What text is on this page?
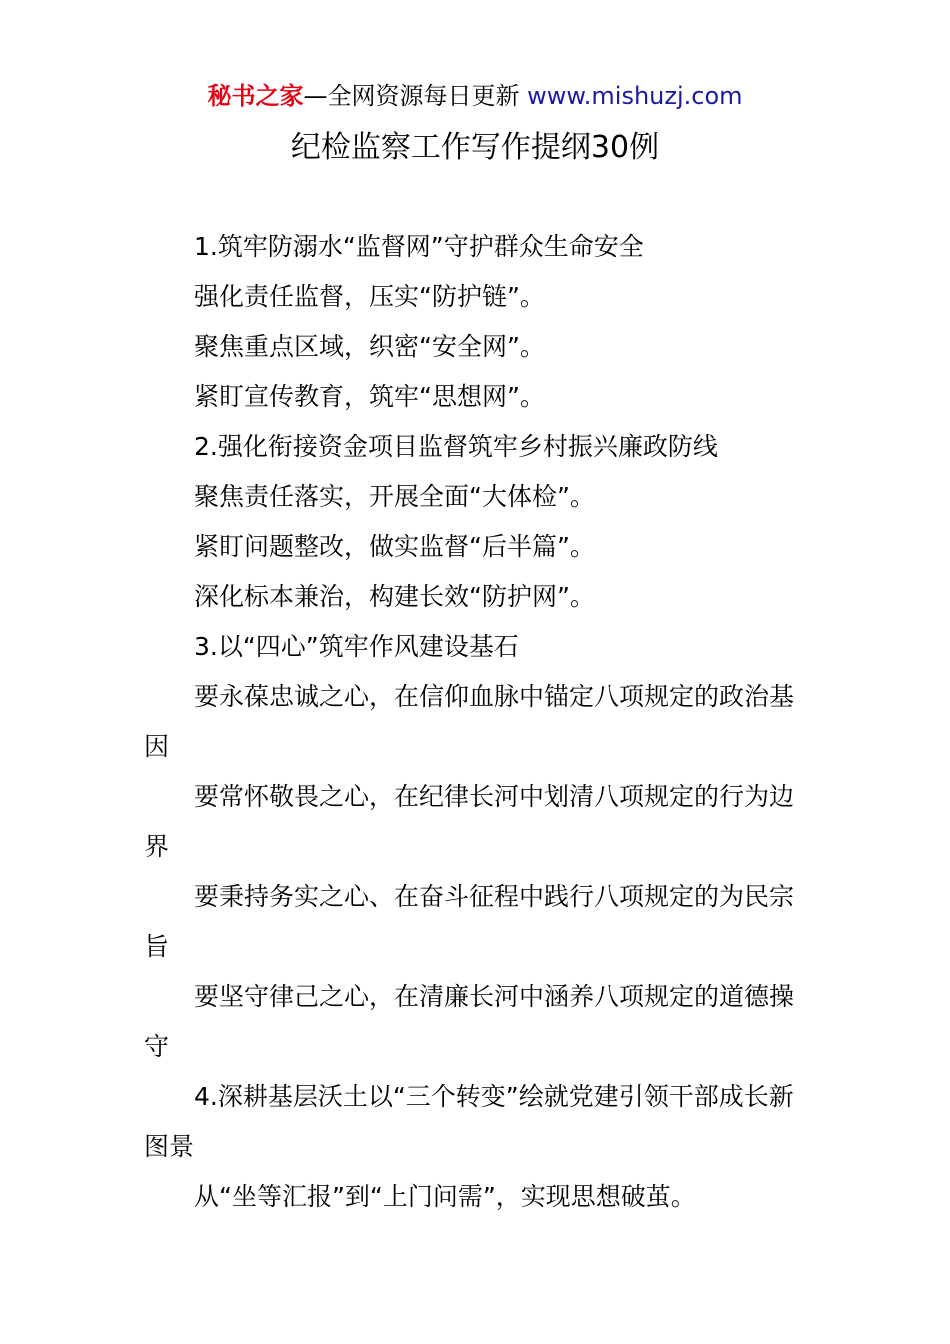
秘书之家—全网资源每日更新 www.mishuzj.com
纪检监察工作写作提纲30例

1.筑牢防溺水“监督网”守护群众生命安全

强化责任监督，压实“防护链”。

聚焦重点区域，织密“安全网”。

紧盯宣传教育，筑牢“思想网”。

2.强化衔接资金项目监督筑牢乡村振兴廉政防线

聚焦责任落实，开展全面“大体检”。

紧盯问题整改，做实监督“后半篇”。

深化标本兼治，构建长效“防护网”。

3.以“四心”筑牢作风建设基石

要永葆忠诚之心，在信仰血脉中锚定八项规定的政治基因

要常怀敬畏之心，在纪律长河中划清八项规定的行为边界

要秉持务实之心、在奋斗征程中践行八项规定的为民宗旨

要坚守律己之心，在清廉长河中涵养八项规定的道德操守

4.深耕基层沃土以“三个转变”绘就党建引领干部成长新图景

从“坐等汇报”到“上门问需”，实现思想破茧。
